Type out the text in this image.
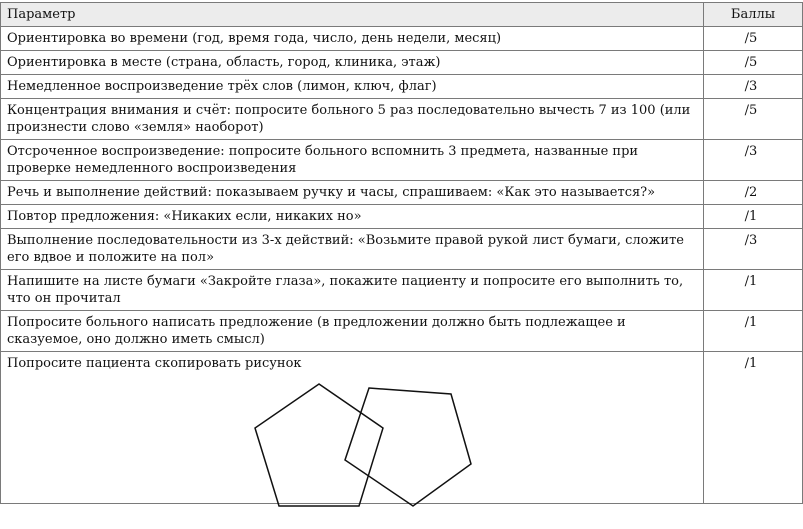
Параметр	Баллы
Ориентировка во времени (год, время года, число, день недели, месяц)	/5
Ориентировка в месте (страна, область, город, клиника, этаж)	/5
Немедленное воспроизведение трёх слов (лимон, ключ, флаг)	/3
Концентрация внимания и счёт: попросите больного 5 раз последовательно вычесть 7 из 100 (или произнести слово «земля» наоборот)	/5
Отсроченное воспроизведение: попросите больного вспомнить 3 предмета, названные при проверке немедленного воспроизведения	/3
Речь и выполнение действий: показываем ручку и часы, спрашиваем: «Как это называется?»	/2
Повтор предложения: «Никаких если, никаких но»	/1
Выполнение последовательности из 3-х действий: «Возьмите правой рукой лист бумаги, сложите его вдвое и положите на пол»	/3
Напишите на листе бумаги «Закройте глаза», покажите пациенту и попросите его выполнить то, что он прочитал	/1
Попросите больного написать предложение (в предложении должно быть подлежащее и сказуемое, оно должно иметь смысл)	/1

Попросите пациента скопировать рисунок	/1
